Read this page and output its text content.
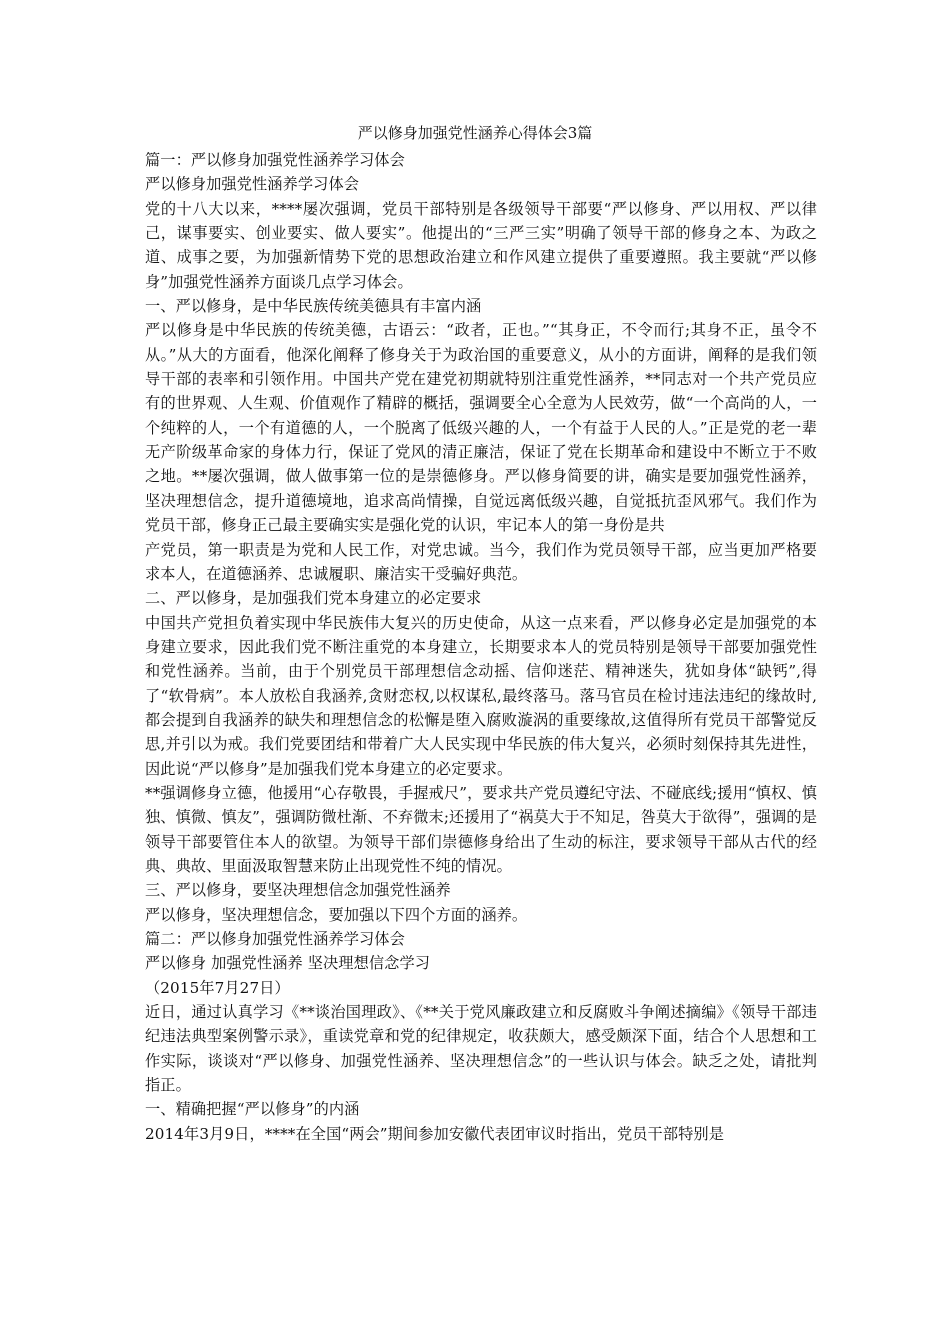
严以修身加强党性涵养心得体会3篇

篇一：严以修身加强党性涵养学习体会

严以修身加强党性涵养学习体会

党的十八大以来，****屡次强调，党员干部特别是各级领导干部要“严以修身、严以用权、严以律己，谋事要实、创业要实、做人要实”。他提出的“三严三实”明确了领导干部的修身之本、为政之道、成事之要，为加强新情势下党的思想政治建立和作风建立提供了重要遵照。我主要就“严以修身”加强党性涵养方面谈几点学习体会。

一、严以修身，是中华民族传统美德具有丰富内涵

严以修身是中华民族的传统美德，古语云：“政者，正也。”“其身正，不令而行;其身不正，虽令不从。”从大的方面看，他深化阐释了修身关于为政治国的重要意义，从小的方面讲，阐释的是我们领导干部的表率和引领作用。中国共产党在建党初期就特别注重党性涵养，**同志对一个共产党员应有的世界观、人生观、价值观作了精辟的概括，强调要全心全意为人民效劳，做“一个高尚的人，一个纯粹的人，一个有道德的人，一个脱离了低级兴趣的人，一个有益于人民的人。”正是党的老一辈无产阶级革命家的身体力行，保证了党风的清正廉洁，保证了党在长期革命和建设中不断立于不败之地。**屡次强调，做人做事第一位的是崇德修身。严以修身简要的讲，确实是要加强党性涵养，坚决理想信念，提升道德境地，追求高尚情操，自觉远离低级兴趣，自觉抵抗歪风邪气。我们作为党员干部，修身正己最主要确实实是强化党的认识，牢记本人的第一身份是共

产党员，第一职责是为党和人民工作，对党忠诚。当今，我们作为党员领导干部，应当更加严格要求本人，在道德涵养、忠诚履职、廉洁实干受骗好典范。

二、严以修身，是加强我们党本身建立的必定要求

中国共产党担负着实现中华民族伟大复兴的历史使命，从这一点来看，严以修身必定是加强党的本身建立要求，因此我们党不断注重党的本身建立，长期要求本人的党员特别是领导干部要加强党性和党性涵养。当前，由于个别党员干部理想信念动摇、信仰迷茫、精神迷失，犹如身体“缺钙”,得了“软骨病”。本人放松自我涵养,贪财恋权,以权谋私,最终落马。落马官员在检讨违法违纪的缘故时,都会提到自我涵养的缺失和理想信念的松懈是堕入腐败漩涡的重要缘故,这值得所有党员干部警觉反思,并引以为戒。我们党要团结和带着广大人民实现中华民族的伟大复兴，必须时刻保持其先进性，因此说“严以修身”是加强我们党本身建立的必定要求。

**强调修身立德，他援用“心存敬畏，手握戒尺”，要求共产党员遵纪守法、不碰底线;援用“慎权、慎独、慎微、慎友”，强调防微杜渐、不弃微末;还援用了“祸莫大于不知足，咎莫大于欲得”，强调的是领导干部要管住本人的欲望。为领导干部们崇德修身给出了生动的标注，要求领导干部从古代的经典、典故、里面汲取智慧来防止出现党性不纯的情况。

三、严以修身，要坚决理想信念加强党性涵养

严以修身，坚决理想信念，要加强以下四个方面的涵养。

篇二：严以修身加强党性涵养学习体会

严以修身 加强党性涵养 坚决理想信念学习

（2015年7月27日）

近日，通过认真学习《**谈治国理政》、《**关于党风廉政建立和反腐败斗争阐述摘编》《领导干部违纪违法典型案例警示录》，重读党章和党的纪律规定，收获颇大，感受颇深下面，结合个人思想和工作实际，谈谈对“严以修身、加强党性涵养、坚决理想信念”的一些认识与体会。缺乏之处，请批判指正。

一、精确把握“严以修身”的内涵

2014年3月9日，****在全国“两会”期间参加安徽代表团审议时指出，党员干部特别是
